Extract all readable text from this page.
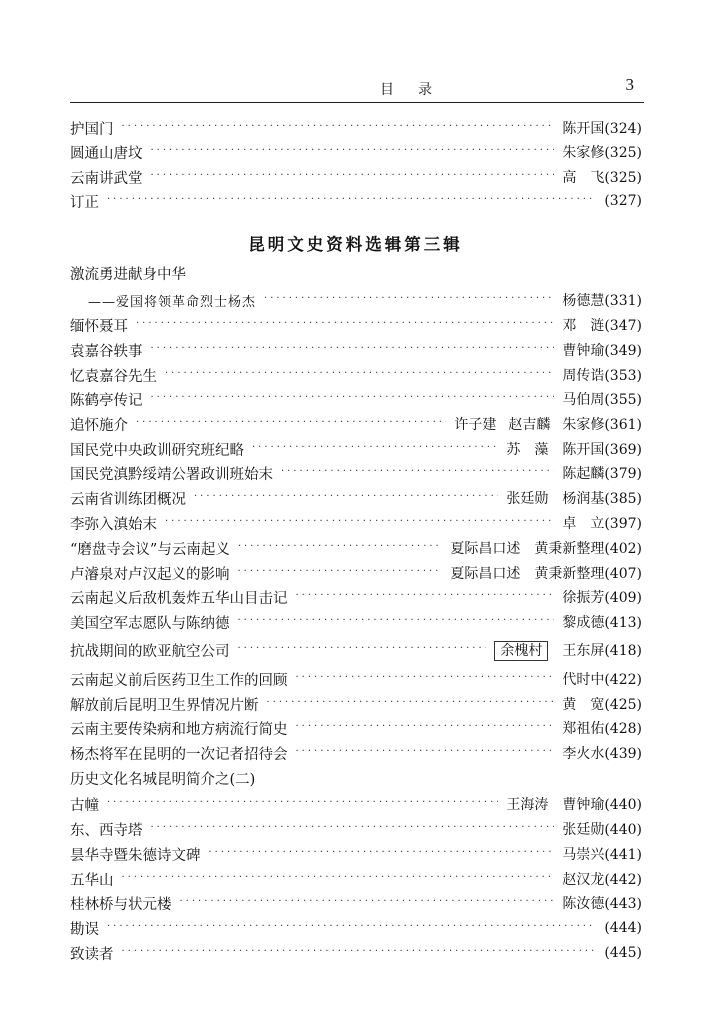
目录	3
护国门 ·····	陈开国(324)
圆通山唐坟 ·····	朱家修(325)
云南讲武堂 ·····	高 飞(325)
订正 ·····	(327)
昆明文史资料选辑第三辑
激流勇进献身中华
——爱国将领革命烈士杨杰 ·····	杨德慧(331)
缅怀聂耳 ·····	邓 涟(347)
袁嘉谷轶事 ·····	曹钟瑜(349)
忆袁嘉谷先生 ·····	周传诰(353)
陈鹤亭传记 ·····	马伯周(355)
追怀施介 ·····	许子建 赵吉麟 朱家修(361)
国民党中央政训研究班纪略 ·····	苏 藻 陈开国(369)
国民党滇黔绥靖公署政训班始末 ·····	陈起麟(379)
云南省训练团概况 ·····	张廷勋 杨润基(385)
李弥入滇始末 ·····	卓 立(397)
“磨盘寺会议”与云南起义 ·····	夏际昌口述 黄秉新整理(402)
卢濬泉对卢汉起义的影响 ·····	夏际昌口述 黄秉新整理(407)
云南起义后敌机轰炸五华山目击记 ·····	徐振芳(409)
美国空军志愿队与陈纳德 ·····	黎成德(413)
抗战期间的欧亚航空公司 ·····	余槐村 王东屏(418)
云南起义前后医药卫生工作的回顾 ·····	代时中(422)
解放前后昆明卫生界情况片断 ·····	黄 宽(425)
云南主要传染病和地方病流行简史 ·····	郑祖佑(428)
杨杰将军在昆明的一次记者招待会 ·····	李火水(439)
历史文化名城昆明简介之(二)
古幢 ·····	王海涛 曹钟瑜(440)
东、西寺塔 ·····	张廷勋(440)
昙华寺暨朱德诗文碑 ·····	马崇兴(441)
五华山 ·····	赵汉龙(442)
桂林桥与状元楼 ·····	陈汝德(443)
勘误 ·····	(444)
致读者 ·····	(445)
